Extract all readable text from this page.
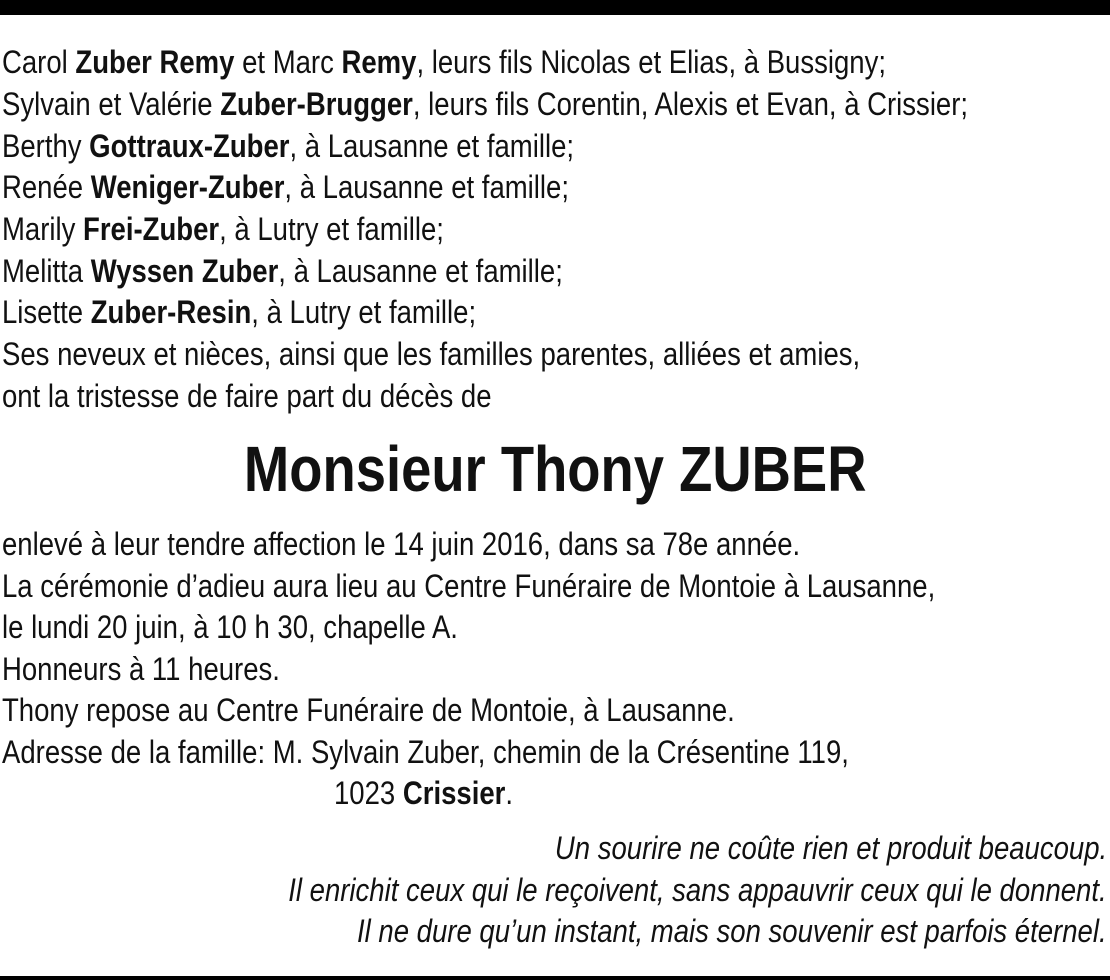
Carol Zuber Remy et Marc Remy, leurs fils Nicolas et Elias, à Bussigny;
Sylvain et Valérie Zuber-Brugger, leurs fils Corentin, Alexis et Evan, à Crissier;
Berthy Gottraux-Zuber, à Lausanne et famille;
Renée Weniger-Zuber, à Lausanne et famille;
Marily Frei-Zuber, à Lutry et famille;
Melitta Wyssen Zuber, à Lausanne et famille;
Lisette Zuber-Resin, à Lutry et famille;
Ses neveux et nièces, ainsi que les familles parentes, alliées et amies,
ont la tristesse de faire part du décès de
Monsieur Thony ZUBER
enlevé à leur tendre affection le 14 juin 2016, dans sa 78e année.
La cérémonie d’adieu aura lieu au Centre Funéraire de Montoie à Lausanne,
le lundi 20 juin, à 10 h 30, chapelle A.
Honneurs à 11 heures.
Thony repose au Centre Funéraire de Montoie, à Lausanne.
Adresse de la famille: M. Sylvain Zuber, chemin de la Crésentine 119,
1023 Crissier.
Un sourire ne coûte rien et produit beaucoup.
Il enrichit ceux qui le reçoivent, sans appauvrir ceux qui le donnent.
Il ne dure qu’un instant, mais son souvenir est parfois éternel.
